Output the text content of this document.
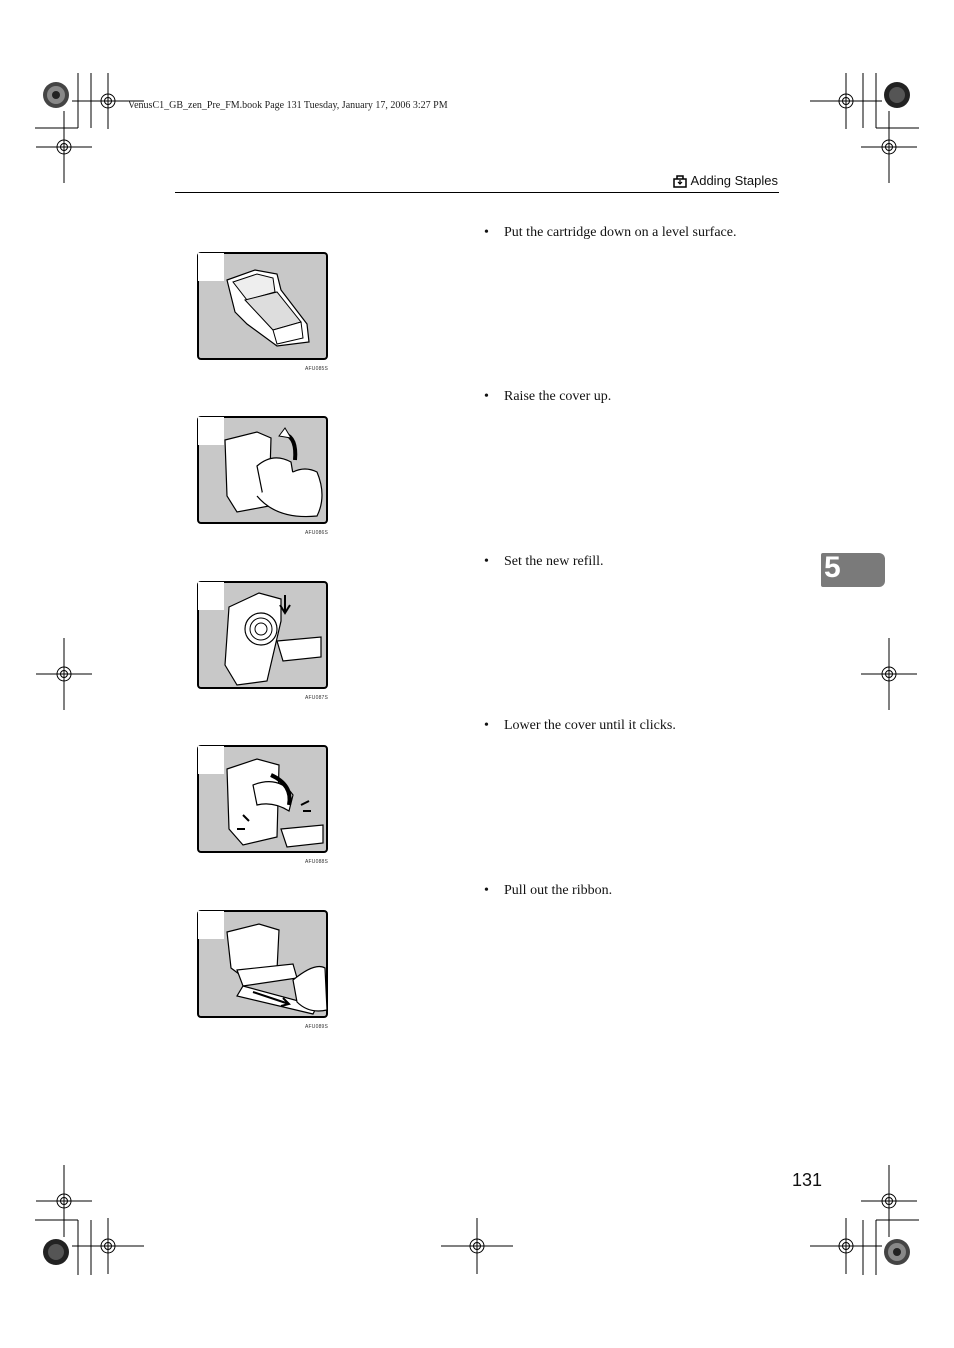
VenusC1_GB_zen_Pre_FM.book Page 131 Tuesday, January 17, 2006 3:27 PM
Adding Staples
4
AFU085S
• Put the cartridge down on a level surface.
5
AFU086S
• Raise the cover up.
6
AFU087S
• Set the new refill.
7
AFU088S
• Lower the cover until it clicks.
8
AFU089S
• Pull out the ribbon.
5
131
